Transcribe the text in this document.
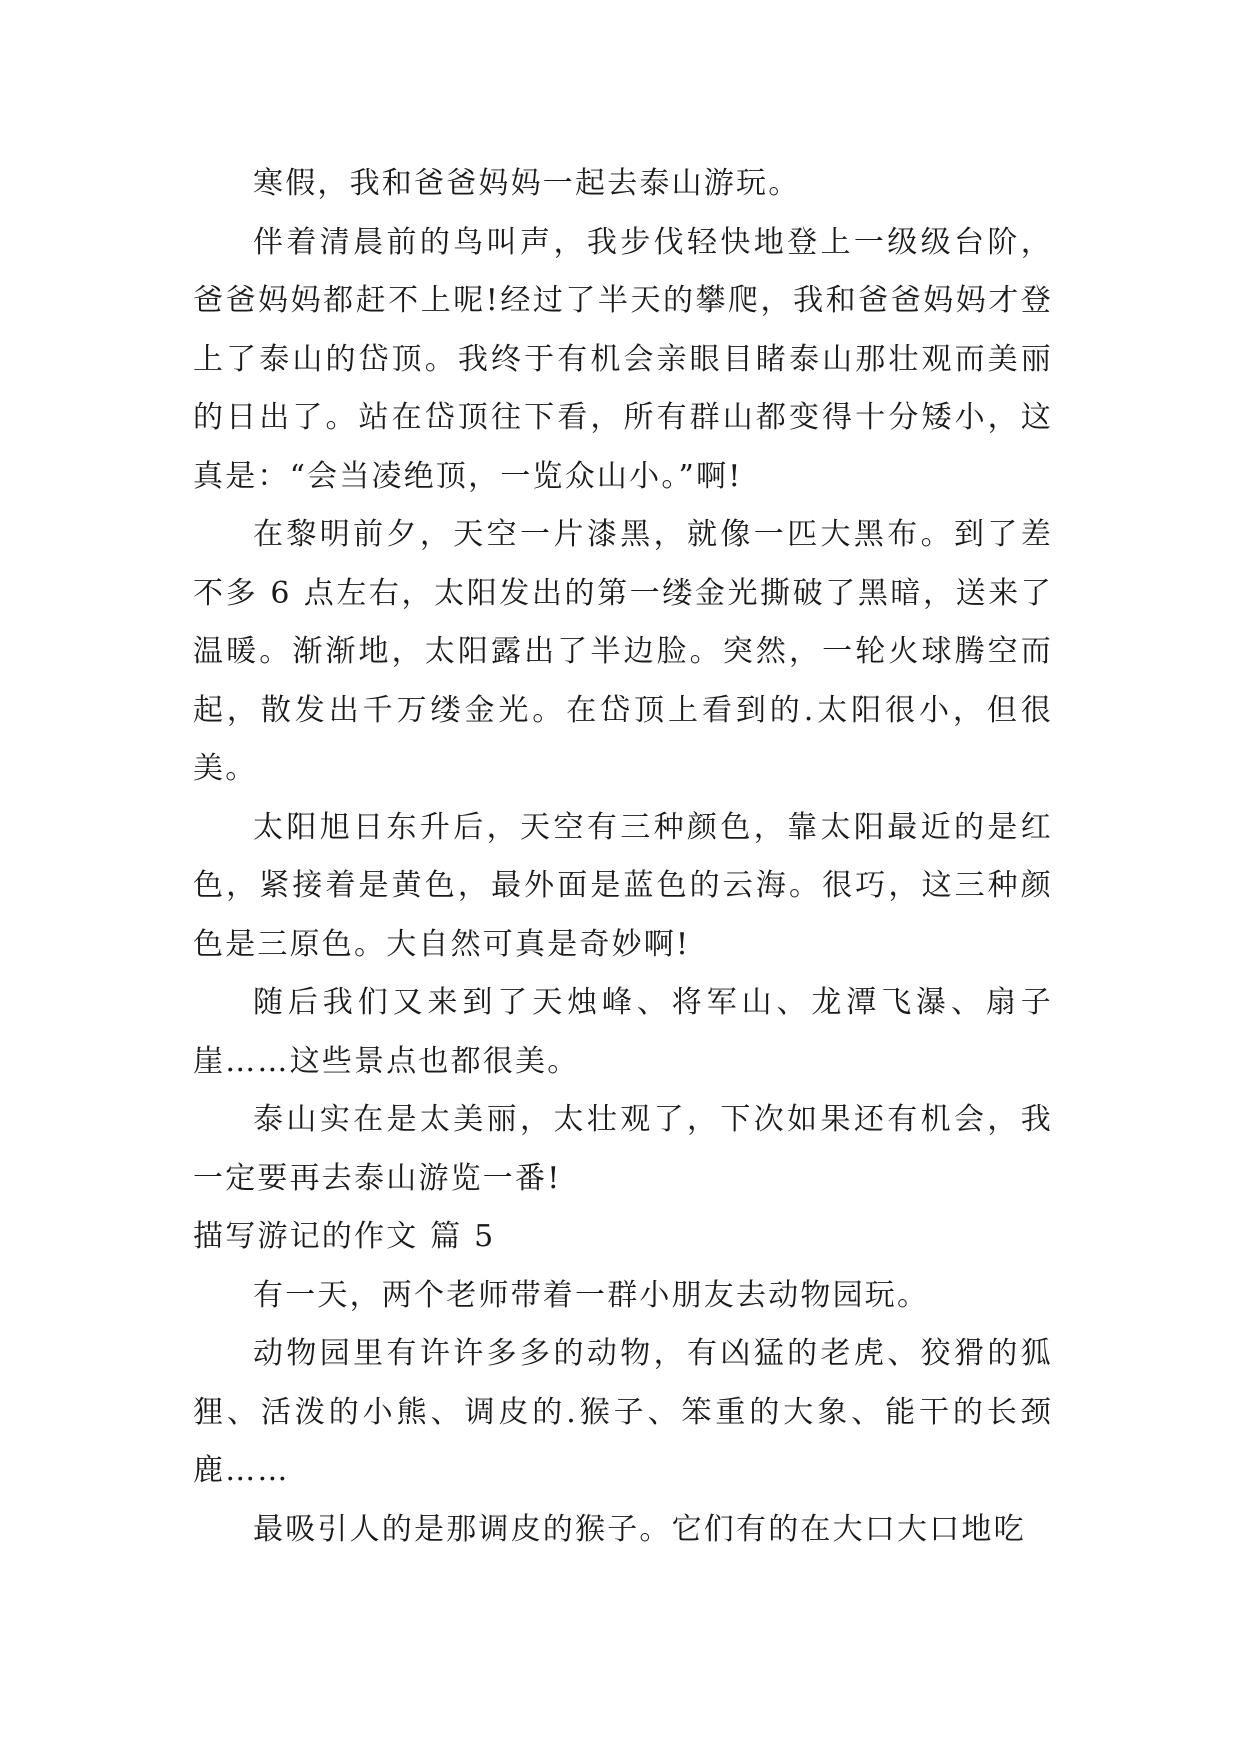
寒假，我和爸爸妈妈一起去泰山游玩。

伴着清晨前的鸟叫声，我步伐轻快地登上一级级台阶，爸爸妈妈都赶不上呢!经过了半天的攀爬，我和爸爸妈妈才登上了泰山的岱顶。我终于有机会亲眼目睹泰山那壮观而美丽的日出了。站在岱顶往下看，所有群山都变得十分矮小，这真是：“会当凌绝顶，一览众山小。”啊!

在黎明前夕，天空一片漆黑，就像一匹大黑布。到了差不多 6 点左右，太阳发出的第一缕金光撕破了黑暗，送来了温暖。渐渐地，太阳露出了半边脸。突然，一轮火球腾空而起，散发出千万缕金光。在岱顶上看到的.太阳很小，但很美。

太阳旭日东升后，天空有三种颜色，靠太阳最近的是红色，紧接着是黄色，最外面是蓝色的云海。很巧，这三种颜色是三原色。大自然可真是奇妙啊!

随后我们又来到了天烛峰、将军山、龙潭飞瀑、扇子崖……这些景点也都很美。

泰山实在是太美丽，太壮观了，下次如果还有机会，我一定要再去泰山游览一番!

描写游记的作文 篇 5

有一天，两个老师带着一群小朋友去动物园玩。

动物园里有许许多多的动物，有凶猛的老虎、狡猾的狐狸、活泼的小熊、调皮的.猴子、笨重的大象、能干的长颈鹿……

最吸引人的是那调皮的猴子。它们有的在大口大口地吃
